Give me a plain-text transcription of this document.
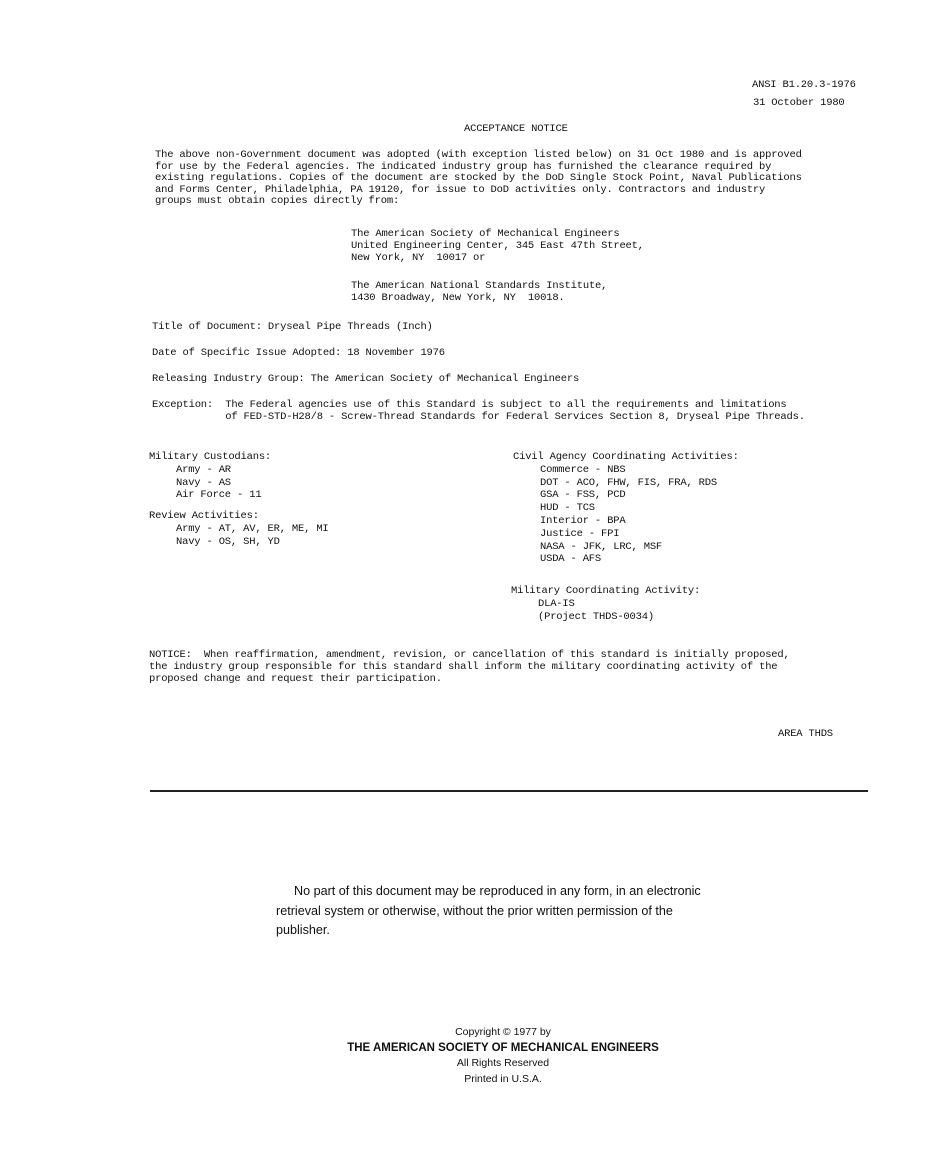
ANSI B1.20.3-1976
31 October 1980
ACCEPTANCE NOTICE
The above non-Government document was adopted (with exception listed below) on 31 Oct 1980 and is approved
for use by the Federal agencies. The indicated industry group has furnished the clearance required by
existing regulations. Copies of the document are stocked by the DoD Single Stock Point, Naval Publications
and Forms Center, Philadelphia, PA 19120, for issue to DoD activities only. Contractors and industry
groups must obtain copies directly from:
The American Society of Mechanical Engineers
United Engineering Center, 345 East 47th Street,
New York, NY  10017 or
The American National Standards Institute,
1430 Broadway, New York, NY  10018.
Title of Document: Dryseal Pipe Threads (Inch)
Date of Specific Issue Adopted: 18 November 1976
Releasing Industry Group: The American Society of Mechanical Engineers
Exception:  The Federal agencies use of this Standard is subject to all the requirements and limitations
of FED-STD-H28/8 - Screw-Thread Standards for Federal Services Section 8, Dryseal Pipe Threads.
Military Custodians:
Army - AR
Navy - AS
Air Force - 11
Review Activities:
Army - AT, AV, ER, ME, MI
Navy - OS, SH, YD
Civil Agency Coordinating Activities:
Commerce - NBS
DOT - ACO, FHW, FIS, FRA, RDS
GSA - FSS, PCD
HUD - TCS
Interior - BPA
Justice - FPI
NASA - JFK, LRC, MSF
USDA - AFS
Military Coordinating Activity:
DLA-IS
(Project THDS-0034)
NOTICE:  When reaffirmation, amendment, revision, or cancellation of this standard is initially proposed,
the industry group responsible for this standard shall inform the military coordinating activity of the
proposed change and request their participation.
AREA THDS
No part of this document may be reproduced in any form, in an electronic
retrieval system or otherwise, without the prior written permission of the
publisher.
Copyright © 1977 by
THE AMERICAN SOCIETY OF MECHANICAL ENGINEERS
All Rights Reserved
Printed in U.S.A.
